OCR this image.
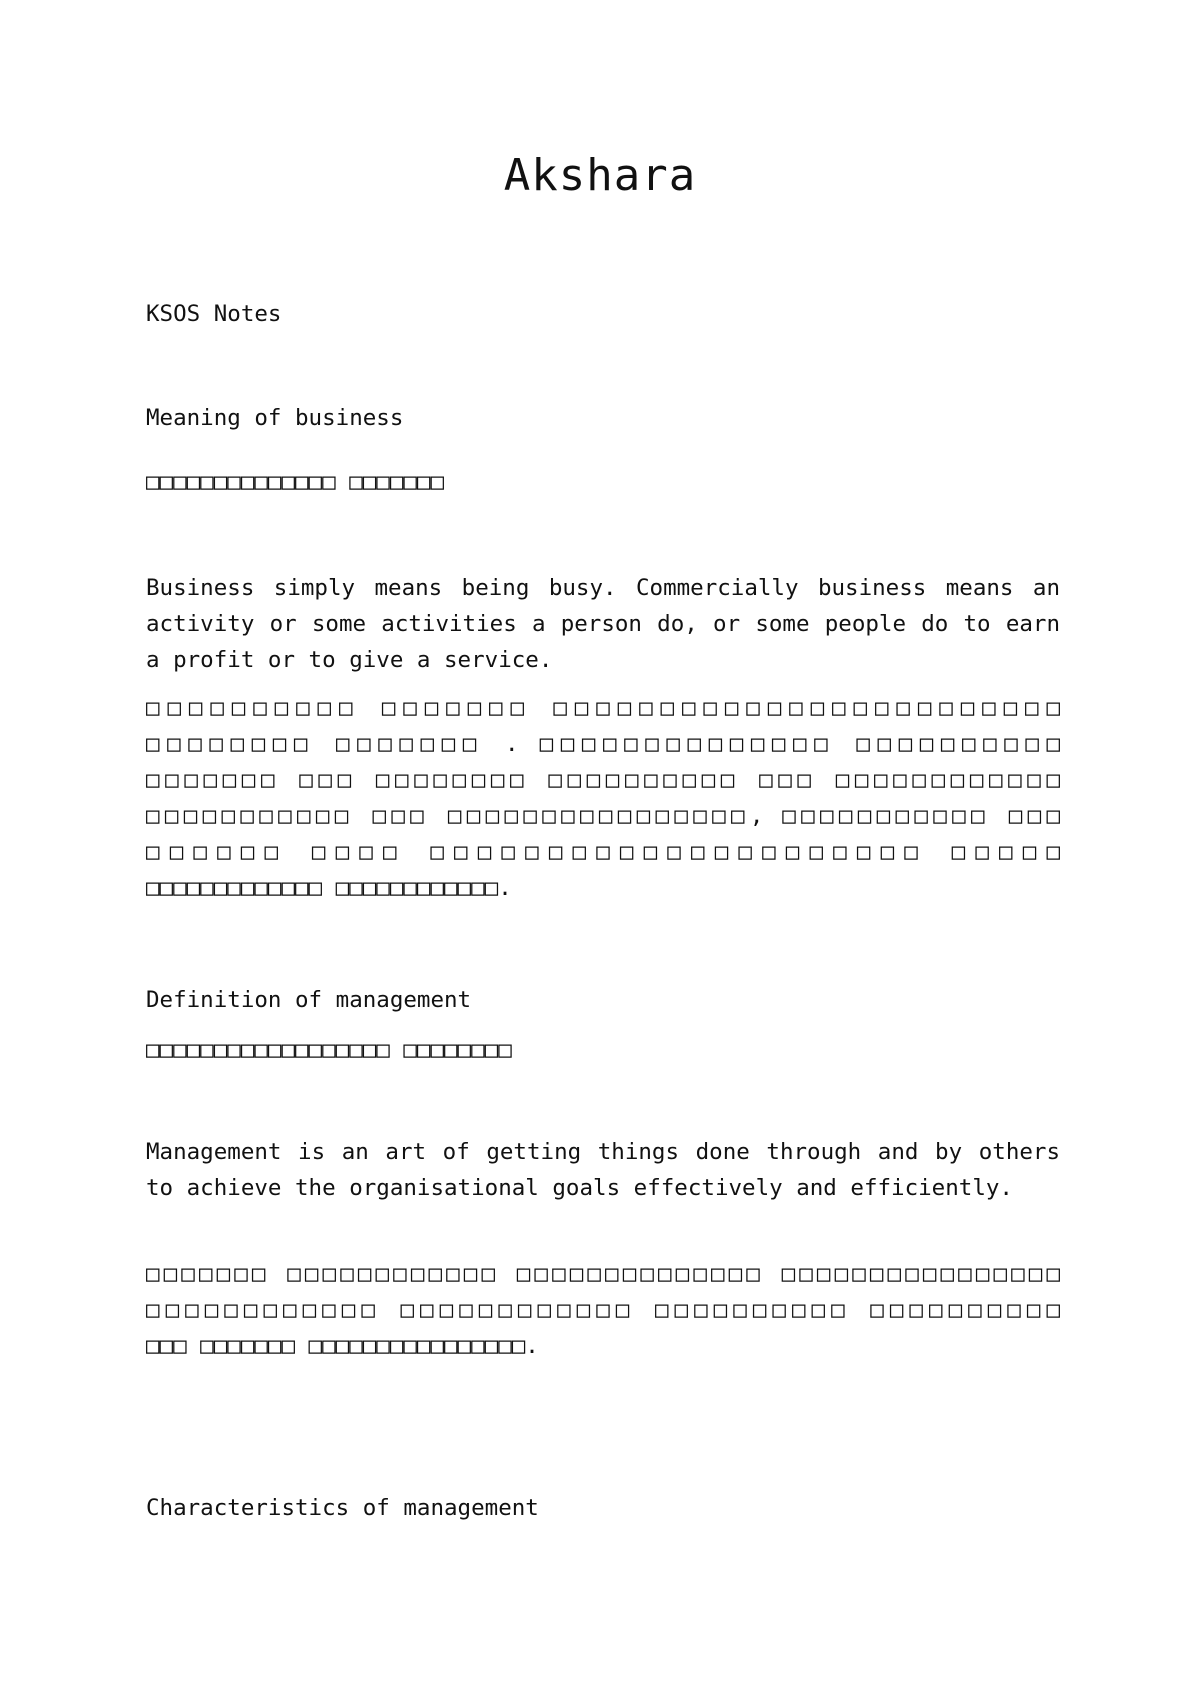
Akshara
KSOS Notes
Meaning of business
□□□□□□□□□□□□□□ □□□□□□□
Business simply means being busy. Commercially business means an activity or some activities a person do, or some people do to earn a profit or to give a service.
□□□□□□□□□□ □□□□□□□ □□□□□□□□□□□□□□□□□□□□□□□□
□□□□□□□□ □□□□□□□ . □□□□□□□□□□□□□□ □□□□□□□□□□
□□□□□□□ □□□ □□□□□□□□ □□□□□□□□□□ □□□ □□□□□□□□□□□□
□□□□□□□□□□□ □□□ □□□□□□□□□□□□□□□□, □□□□□□□□□□□ □□□
□□□□□□ □□□□ □□□□□□□□□□□□□□□□□□□□□ □□□□□
□□□□□□□□□□□□□ □□□□□□□□□□□□.
Definition of management
□□□□□□□□□□□□□□□□□□ □□□□□□□□
Management is an art of getting things done through and by others to achieve the organisational goals effectively and efficiently.
□□□□□□□ □□□□□□□□□□□□ □□□□□□□□□□□□□□ □□□□□□□□□□□□□□□□
□□□□□□□□□□□□ □□□□□□□□□□□□ □□□□□□□□□□ □□□□□□□□□□
□□□ □□□□□□□ □□□□□□□□□□□□□□□□.
Characteristics of management
